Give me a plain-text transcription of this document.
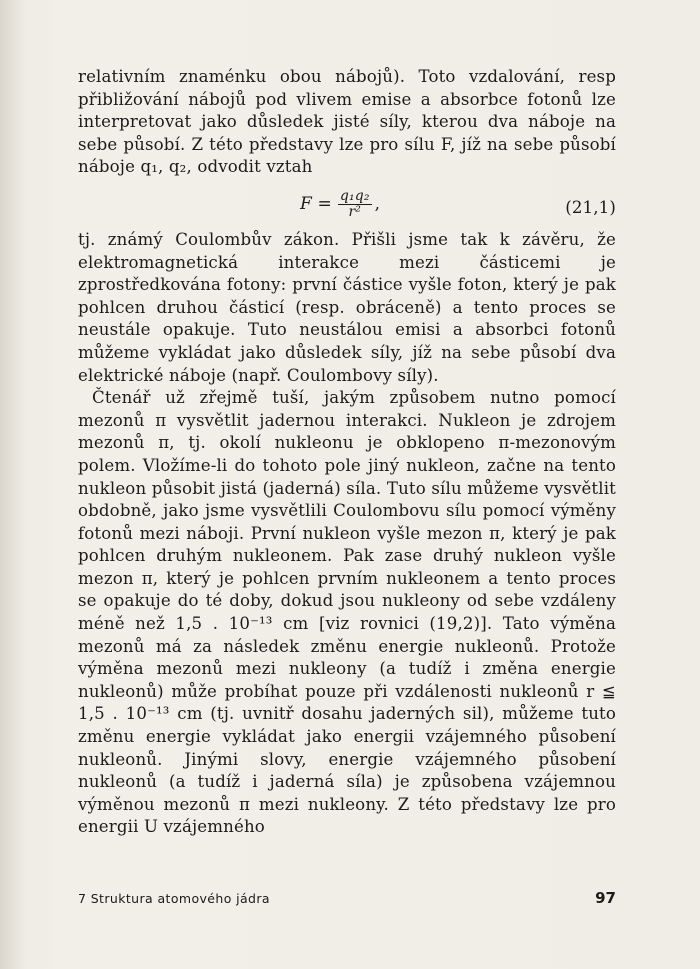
relativním znaménku obou nábojů). Toto vzdalování, resp přibližování nábojů pod vlivem emise a absorbce fotonů lze interpretovat jako důsledek jisté síly, kterou dva náboje na sebe působí. Z této představy lze pro sílu F, jíž na sebe působí náboje q₁, q₂, odvodit vztah

$F = \frac{\text{q₁q₂}}{\text{r²}}$ ,	(21,1)

tj. známý Coulombův zákon. Přišli jsme tak k závěru, že elektromagnetická interakce mezi částicemi je zprostředkována fotony: první částice vyšle foton, který je pak pohlcen druhou částicí (resp. obráceně) a tento proces se neustále opakuje. Tuto neustálou emisi a absorbci fotonů můžeme vykládat jako důsledek síly, jíž na sebe působí dva elektrické náboje (např. Coulombovy síly).

Čtenář už zřejmě tuší, jakým způsobem nutno pomocí mezonů π vysvětlit jadernou interakci. Nukleon je zdrojem mezonů π, tj. okolí nukleonu je obklopeno π-mezonovým polem. Vložíme-li do tohoto pole jiný nukleon, začne na tento nukleon působit jistá (jaderná) síla. Tuto sílu můžeme vysvětlit obdobně, jako jsme vysvětlili Coulombovu sílu pomocí výměny fotonů mezi náboji. První nukleon vyšle mezon π, který je pak pohlcen druhým nukleonem. Pak zase druhý nukleon vyšle mezon π, který je pohlcen prvním nukleonem a tento proces se opakuje do té doby, dokud jsou nukleony od sebe vzdáleny méně než 1,5 . 10⁻¹³ cm [viz rovnici (19,2)]. Tato výměna mezonů má za následek změnu energie nukleonů. Protože výměna mezonů mezi nukleony (a tudíž i změna energie nukleonů) může probíhat pouze při vzdálenosti nukleonů r ≦ 1,5 . 10⁻¹³ cm (tj. uvnitř dosahu jaderných sil), můžeme tuto změnu energie vykládat jako energii vzájemného působení nukleonů. Jinými slovy, energie vzájemného působení nukleonů (a tudíž i jaderná síla) je způsobena vzájemnou výměnou mezonů π mezi nukleony. Z této představy lze pro energii U vzájemného

7 Struktura atomového jádra	97
